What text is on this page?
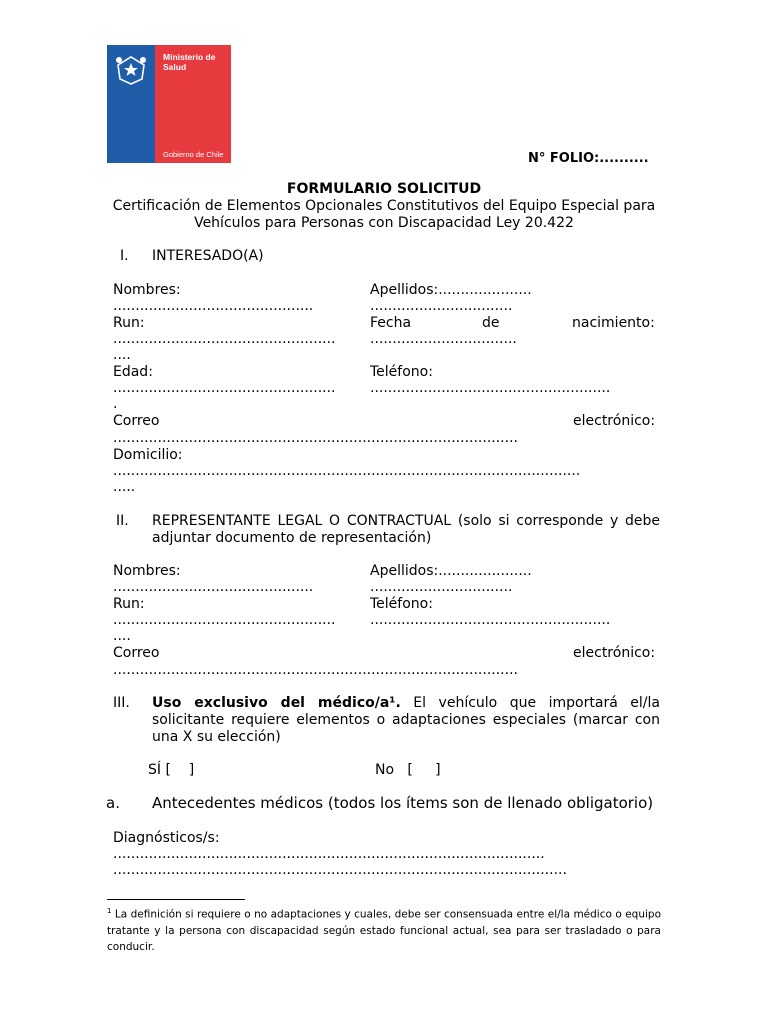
Ministerio de Salud
Gobierno de Chile	N° FOLIO:..........
FORMULARIO SOLICITUD
Certificación de Elementos Opcionales Constitutivos del Equipo Especial para
Vehículos para Personas con Discapacidad Ley 20.422
I. INTERESADO(A)
Nombres:
.............................................
Apellidos:.....................
................................
Run:
..................................................
....
Fecha	de	nacimiento:
.................................
Edad:
..................................................
.
Teléfono:
......................................................
Correo	electrónico:
...........................................................................................
Domicilio:
.........................................................................................................
.....
II. REPRESENTANTE LEGAL O CONTRACTUAL (solo si corresponde y debe adjuntar documento de representación)
Nombres:
.............................................
Apellidos:.....................
................................
Run:
..................................................
....
Teléfono:
......................................................
Correo	electrónico:
...........................................................................................
III. Uso exclusivo del médico/a¹. El vehículo que importará el/la solicitante requiere elementos o adaptaciones especiales (marcar con una X su elección)
SÍ [    ]	No   [     ]
a. Antecedentes médicos (todos los ítems son de llenado obligatorio)
Diagnósticos/s:
.................................................................................................
......................................................................................................
$^1$ La definición si requiere o no adaptaciones y cuales, debe ser consensuada entre el/la médico o equipo tratante y la persona con discapacidad según estado funcional actual, sea para ser trasladado o para conducir.
